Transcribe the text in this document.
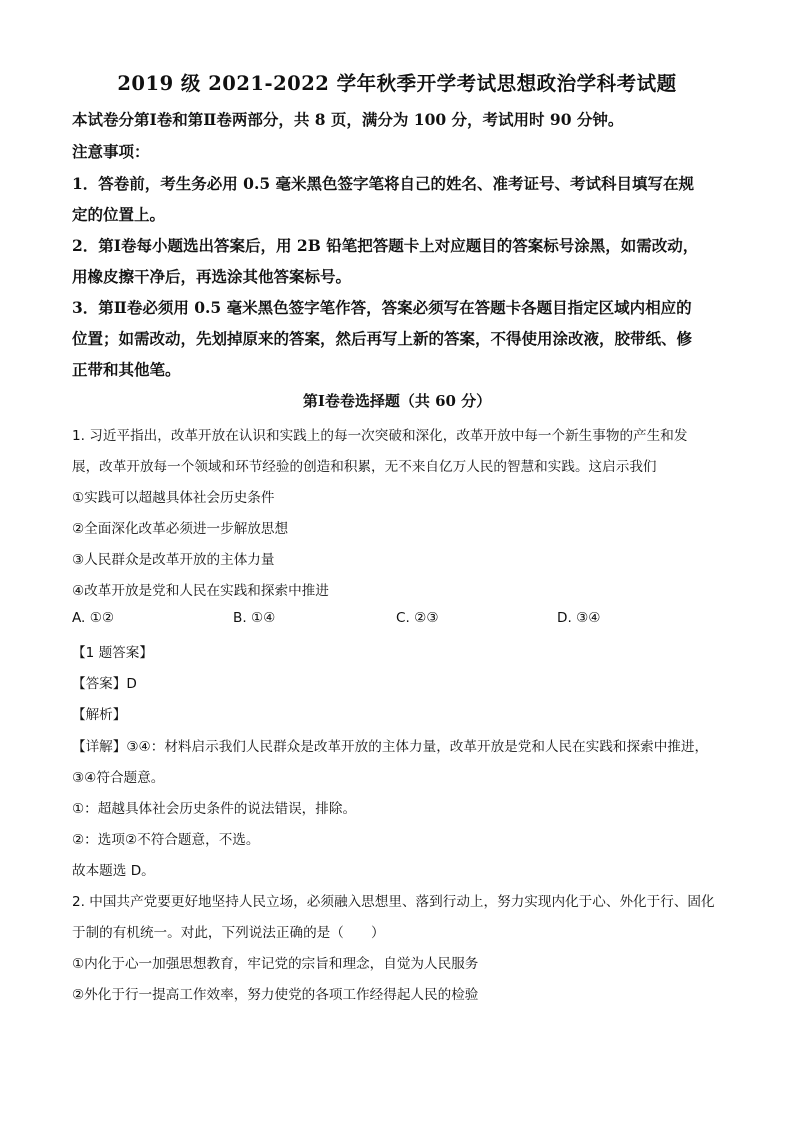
2019 级 2021-2022 学年秋季开学考试思想政治学科考试题
本试卷分第Ⅰ卷和第Ⅱ卷两部分，共 8 页，满分为 100 分，考试用时 90 分钟。
注意事项：
1．答卷前，考生务必用 0.5 毫米黑色签字笔将自己的姓名、准考证号、考试科目填写在规
定的位置上。
2．第Ⅰ卷每小题选出答案后，用 2B 铅笔把答题卡上对应题目的答案标号涂黑，如需改动，
用橡皮擦干净后，再选涂其他答案标号。
3．第Ⅱ卷必须用 0.5 毫米黑色签字笔作答，答案必须写在答题卡各题目指定区域内相应的
位置；如需改动，先划掉原来的答案，然后再写上新的答案，不得使用涂改液，胶带纸、修
正带和其他笔。
第Ⅰ卷卷选择题（共 60 分）
1. 习近平指出，改革开放在认识和实践上的每一次突破和深化，改革开放中每一个新生事物的产生和发
展，改革开放每一个领域和环节经验的创造和积累，无不来自亿万人民的智慧和实践。这启示我们
①实践可以超越具体社会历史条件
②全面深化改革必须进一步解放思想
③人民群众是改革开放的主体力量
④改革开放是党和人民在实践和探索中推进
A. ①②	B. ①④	C. ②③	D. ③④
【1 题答案】
【答案】D
【解析】
【详解】③④：材料启示我们人民群众是改革开放的主体力量，改革开放是党和人民在实践和探索中推进，
③④符合题意。
①：超越具体社会历史条件的说法错误，排除。
②：选项②不符合题意，不选。
故本题选 D。
2. 中国共产党要更好地坚持人民立场，必须融入思想里、落到行动上，努力实现内化于心、外化于行、固化
于制的有机统一。对此，下列说法正确的是（　　）
①内化于心一加强思想教育，牢记党的宗旨和理念，自觉为人民服务
②外化于行一提高工作效率，努力使党的各项工作经得起人民的检验
